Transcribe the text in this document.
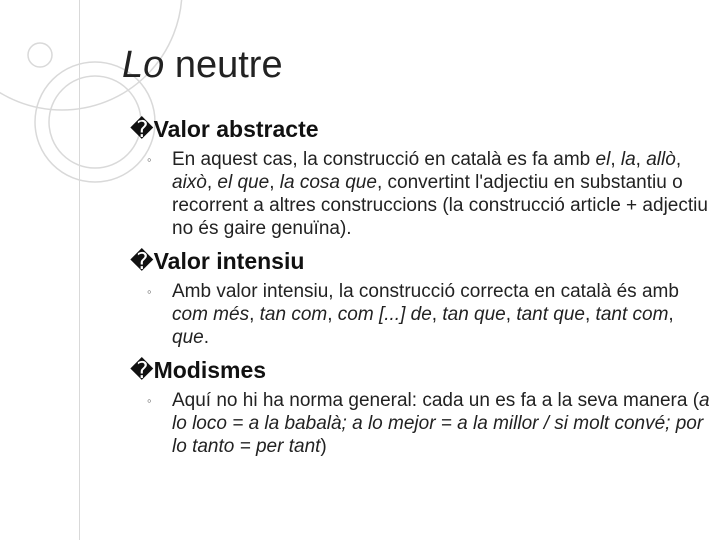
Lo neutre
�Valor abstracte
◦ En aquest cas, la construcció en català es fa amb el, la, allò, això, el que, la cosa que, convertint l'adjectiu en substantiu o recorrent a altres construccions (la construcció article + adjectiu no és gaire genuïna).
�Valor intensiu
◦ Amb valor intensiu, la construcció correcta en català és amb com més, tan com, com [...] de, tan que, tant que, tant com, que.
�Modismes
◦ Aquí no hi ha norma general: cada un es fa a la seva manera (a lo loco = a la babalà; a lo mejor = a la millor / si molt convé; por lo tanto = per tant)
